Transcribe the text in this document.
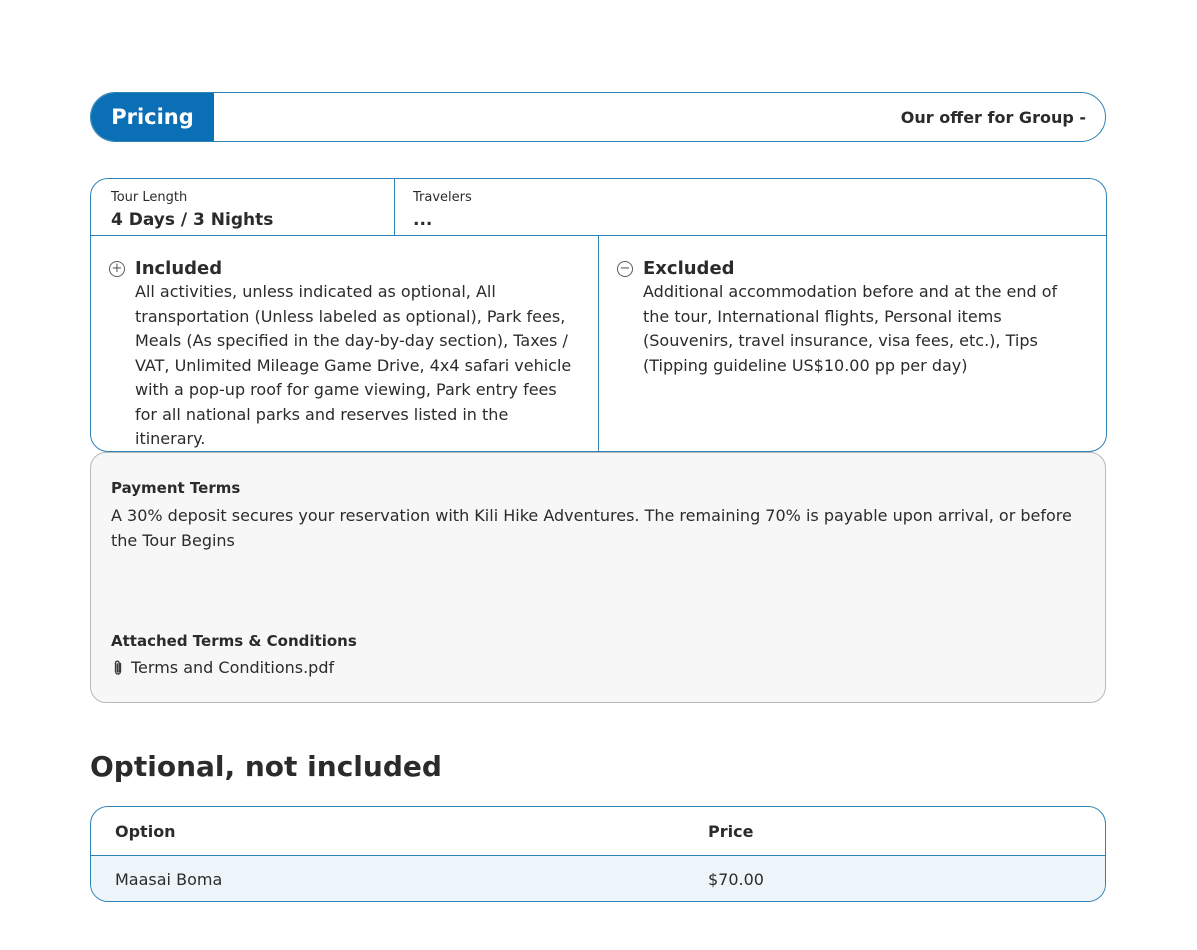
Pricing	Our offer for Group -
Tour Length
4 Days / 3 Nights
Travelers
...
+ Included
All activities, unless indicated as optional, All transportation (Unless labeled as optional), Park fees, Meals (As specified in the day-by-day section), Taxes / VAT, Unlimited Mileage Game Drive, 4x4 safari vehicle with a pop-up roof for game viewing, Park entry fees for all national parks and reserves listed in the itinerary.
− Excluded
Additional accommodation before and at the end of the tour, International flights, Personal items (Souvenirs, travel insurance, visa fees, etc.), Tips (Tipping guideline US$10.00 pp per day)
Payment Terms
A 30% deposit secures your reservation with Kili Hike Adventures. The remaining 70% is payable upon arrival, or before the Tour Begins
Attached Terms & Conditions
Terms and Conditions.pdf
Optional, not included
Option	Price
Maasai Boma	$70.00
